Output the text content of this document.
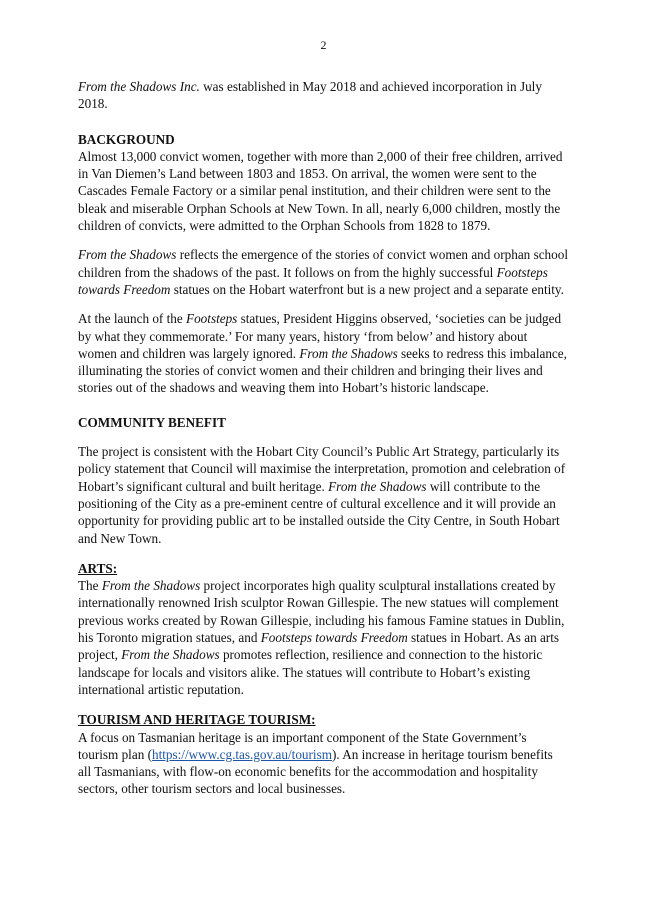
2

From the Shadows Inc. was established in May 2018 and achieved incorporation in July 2018.

BACKGROUND

Almost 13,000 convict women, together with more than 2,000 of their free children, arrived in Van Diemen’s Land between 1803 and 1853. On arrival, the women were sent to the Cascades Female Factory or a similar penal institution, and their children were sent to the bleak and miserable Orphan Schools at New Town. In all, nearly 6,000 children, mostly the children of convicts, were admitted to the Orphan Schools from 1828 to 1879.

From the Shadows reflects the emergence of the stories of convict women and orphan school children from the shadows of the past. It follows on from the highly successful Footsteps towards Freedom statues on the Hobart waterfront but is a new project and a separate entity.

At the launch of the Footsteps statues, President Higgins observed, ‘societies can be judged by what they commemorate.’ For many years, history ‘from below’ and history about women and children was largely ignored. From the Shadows seeks to redress this imbalance, illuminating the stories of convict women and their children and bringing their lives and stories out of the shadows and weaving them into Hobart’s historic landscape.

COMMUNITY BENEFIT

The project is consistent with the Hobart City Council’s Public Art Strategy, particularly its policy statement that Council will maximise the interpretation, promotion and celebration of Hobart’s significant cultural and built heritage. From the Shadows will contribute to the positioning of the City as a pre-eminent centre of cultural excellence and it will provide an opportunity for providing public art to be installed outside the City Centre, in South Hobart and New Town.

ARTS:

The From the Shadows project incorporates high quality sculptural installations created by internationally renowned Irish sculptor Rowan Gillespie. The new statues will complement previous works created by Rowan Gillespie, including his famous Famine statues in Dublin, his Toronto migration statues, and Footsteps towards Freedom statues in Hobart. As an arts project, From the Shadows promotes reflection, resilience and connection to the historic landscape for locals and visitors alike. The statues will contribute to Hobart’s existing international artistic reputation.

TOURISM AND HERITAGE TOURISM:

A focus on Tasmanian heritage is an important component of the State Government’s tourism plan (https://www.cg.tas.gov.au/tourism). An increase in heritage tourism benefits all Tasmanians, with flow-on economic benefits for the accommodation and hospitality sectors, other tourism sectors and local businesses.
